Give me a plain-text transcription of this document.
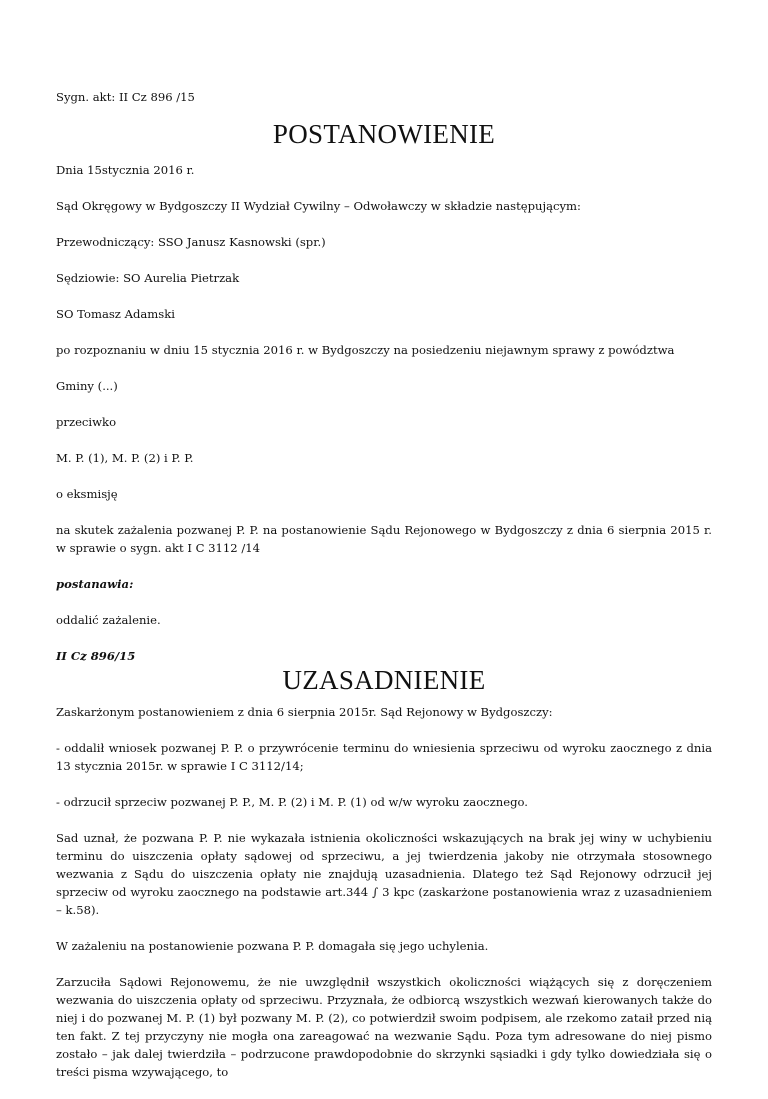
Sygn. akt: II Cz 896 /15

POSTANOWIENIE

Dnia 15stycznia 2016 r.

Sąd Okręgowy w Bydgoszczy II Wydział Cywilny – Odwoławczy w składzie następującym:

Przewodniczący: SSO Janusz Kasnowski (spr.)

Sędziowie: SO Aurelia Pietrzak

SO Tomasz Adamski

po rozpoznaniu w dniu 15 stycznia 2016 r. w Bydgoszczy na posiedzeniu niejawnym sprawy z powództwa

Gminy (...)

przeciwko

M. P. (1), M. P. (2) i P. P.

o eksmisję

na skutek zażalenia pozwanej P. P. na postanowienie Sądu Rejonowego w Bydgoszczy z dnia 6 sierpnia 2015 r. w sprawie o sygn. akt I C 3112 /14

postanawia:

oddalić zażalenie.

II Cz 896/15

UZASADNIENIE

Zaskarżonym postanowieniem z dnia 6 sierpnia 2015r. Sąd Rejonowy w Bydgoszczy:

- oddalił wniosek pozwanej P. P. o przywrócenie terminu do wniesienia sprzeciwu od wyroku zaocznego z dnia 13 stycznia 2015r. w sprawie I C 3112/14;

- odrzucił sprzeciw pozwanej P. P., M. P. (2) i M. P. (1) od w/w wyroku zaocznego.

Sad uznał, że pozwana P. P. nie wykazała istnienia okoliczności wskazujących na brak jej winy w uchybieniu terminu do uiszczenia opłaty sądowej od sprzeciwu, a jej twierdzenia jakoby nie otrzymała stosownego wezwania z Sądu do uiszczenia opłaty nie znajdują uzasadnienia. Dlatego też Sąd Rejonowy odrzucił jej sprzeciw od wyroku zaocznego na podstawie art.344 ∫ 3 kpc (zaskarżone postanowienia wraz z uzasadnieniem – k.58).

W zażaleniu na postanowienie pozwana P. P. domagała się jego uchylenia.

Zarzuciła Sądowi Rejonowemu, że nie uwzględnił wszystkich okoliczności wiążących się z doręczeniem wezwania do uiszczenia opłaty od sprzeciwu. Przyznała, że odbiorcą wszystkich wezwań kierowanych także do niej i do pozwanej M. P. (1) był pozwany M. P. (2), co potwierdził swoim podpisem, ale rzekomo zataił przed nią ten fakt. Z tej przyczyny nie mogła ona zareagować na wezwanie Sądu. Poza tym adresowane do niej pismo zostało – jak dalej twierdziła – podrzucone prawdopodobnie do skrzynki sąsiadki i gdy tylko dowiedziała się o treści pisma wzywającego, to
